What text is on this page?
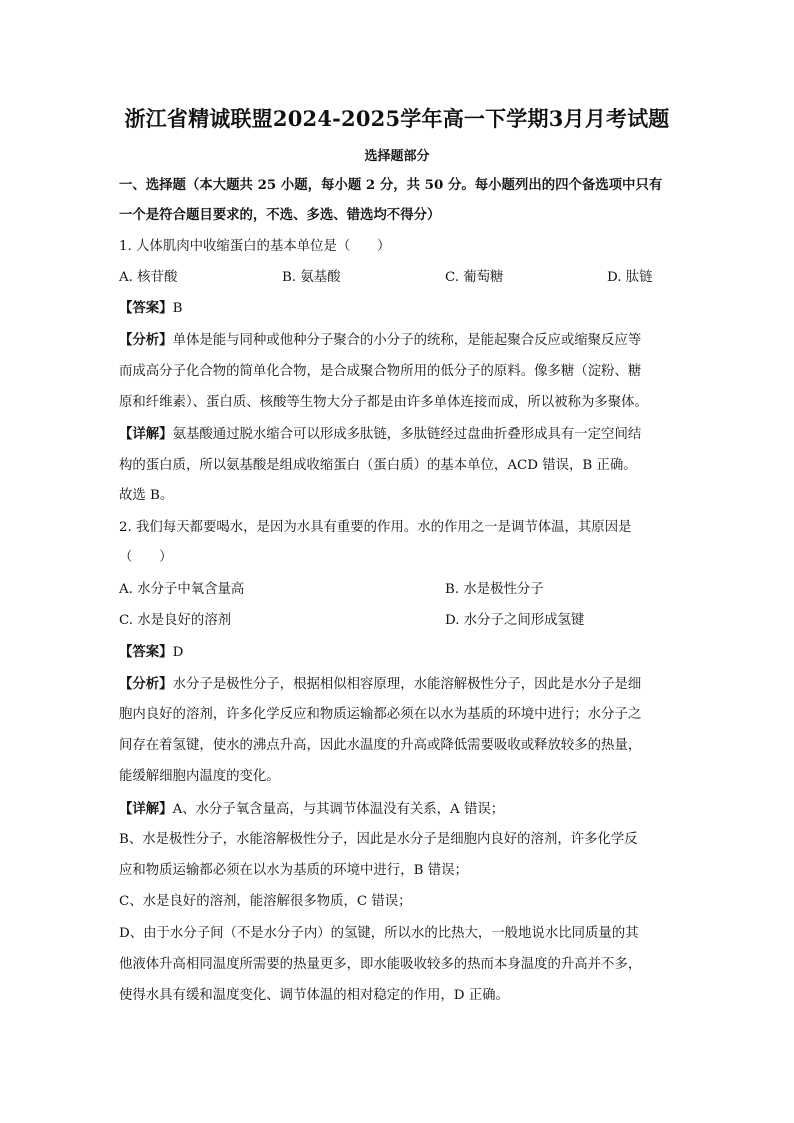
浙江省精诚联盟2024-2025学年高一下学期3月月考试题
选择题部分
一、选择题（本大题共 25 小题，每小题 2 分，共 50 分。每小题列出的四个备选项中只有
一个是符合题目要求的，不选、多选、错选均不得分）
1. 人体肌肉中收缩蛋白的基本单位是（　　）
A. 核苷酸	B. 氨基酸	C. 葡萄糖	D. 肽链
【答案】B
【分析】单体是能与同种或他种分子聚合的小分子的统称，是能起聚合反应或缩聚反应等
而成高分子化合物的简单化合物，是合成聚合物所用的低分子的原料。像多糖（淀粉、糖
原和纤维素）、蛋白质、核酸等生物大分子都是由许多单体连接而成，所以被称为多聚体。
【详解】氨基酸通过脱水缩合可以形成多肽链，多肽链经过盘曲折叠形成具有一定空间结
构的蛋白质，所以氨基酸是组成收缩蛋白（蛋白质）的基本单位，ACD 错误，B 正确。
故选 B。
2. 我们每天都要喝水，是因为水具有重要的作用。水的作用之一是调节体温，其原因是
（　　）
A. 水分子中氧含量高	B. 水是极性分子
C. 水是良好的溶剂	D. 水分子之间形成氢键
【答案】D
【分析】水分子是极性分子，根据相似相容原理，水能溶解极性分子，因此是水分子是细
胞内良好的溶剂，许多化学反应和物质运输都必须在以水为基质的环境中进行；水分子之
间存在着氢键，使水的沸点升高，因此水温度的升高或降低需要吸收或释放较多的热量，
能缓解细胞内温度的变化。
【详解】A、水分子氧含量高，与其调节体温没有关系，A 错误；
B、水是极性分子，水能溶解极性分子，因此是水分子是细胞内良好的溶剂，许多化学反
应和物质运输都必须在以水为基质的环境中进行，B 错误；
C、水是良好的溶剂，能溶解很多物质，C 错误；
D、由于水分子间（不是水分子内）的氢键，所以水的比热大，一般地说水比同质量的其
他液体升高相同温度所需要的热量更多，即水能吸收较多的热而本身温度的升高并不多，
使得水具有缓和温度变化、调节体温的相对稳定的作用，D 正确。
